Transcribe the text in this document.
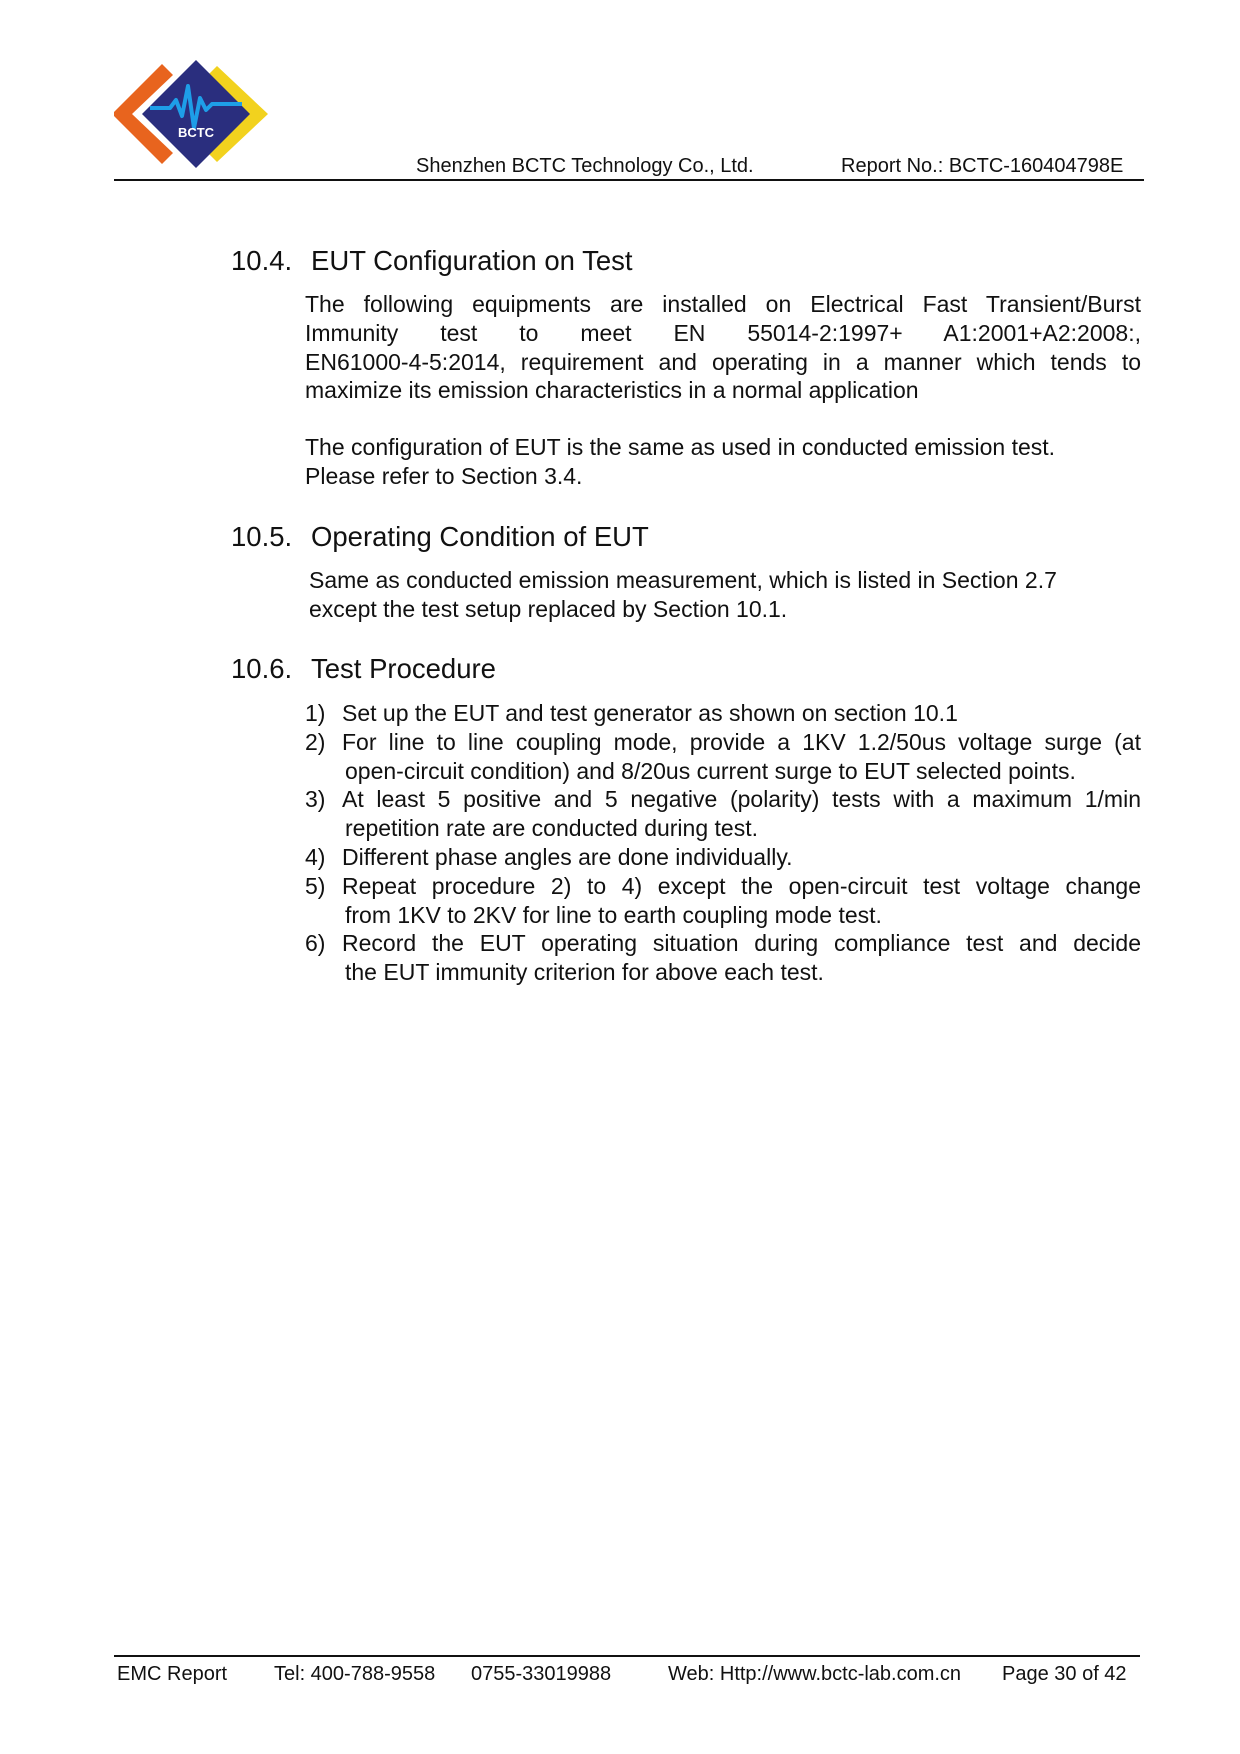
BCTC
Shenzhen BCTC Technology Co., Ltd.	Report No.: BCTC-160404798E
10.4. EUT Configuration on Test

The following equipments are installed on Electrical Fast Transient/Burst

Immunity test to meet EN 55014-2:1997+ A1:2001+A2:2008:,

EN61000-4-5:2014, requirement and operating in a manner which tends to

maximize its emission characteristics in a normal application

The configuration of EUT is the same as used in conducted emission test.

Please refer to Section 3.4.

10.5. Operating Condition of EUT

Same as conducted emission measurement, which is listed in Section 2.7

except the test setup replaced by Section 10.1.

10.6. Test Procedure
1) Set up the EUT and test generator as shown on section 10.1
2) For line to line coupling mode, provide a 1KV 1.2/50us voltage surge (at
open-circuit condition) and 8/20us current surge to EUT selected points.
3) At least 5 positive and 5 negative (polarity) tests with a maximum 1/min
repetition rate are conducted during test.
4) Different phase angles are done individually.
5) Repeat procedure 2) to 4) except the open-circuit test voltage change
from 1KV to 2KV for line to earth coupling mode test.
6) Record the EUT operating situation during compliance test and decide
the EUT immunity criterion for above each test.
EMC Report Tel: 400-788-9558 0755-33019988	Web: Http://www.bctc-lab.com.cn Page 30 of 42
